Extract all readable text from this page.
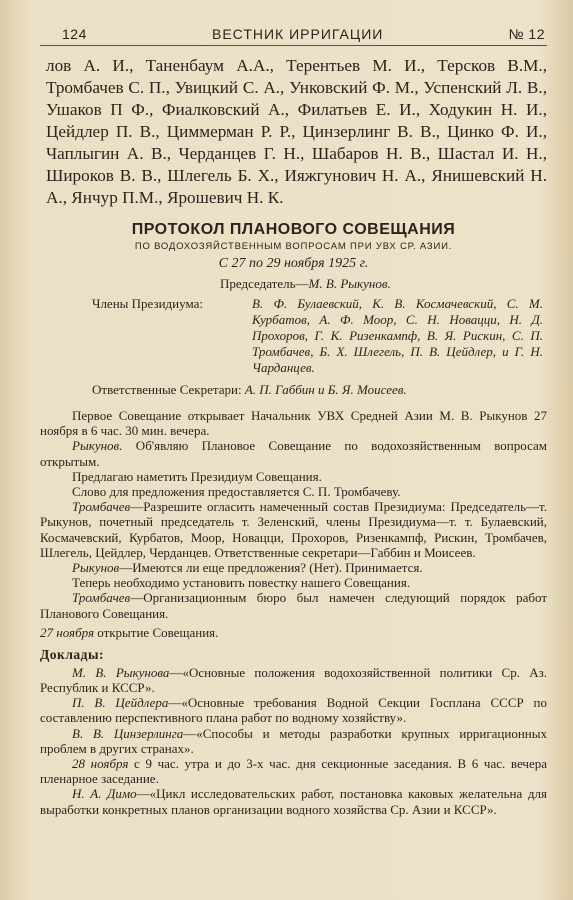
124	ВЕСТНИК ИРРИГАЦИИ	№ 12
лов А. И., Таненбаум А.А., Терентьев М. И., Терсков В.М., Тромбачев С. П., Увицкий С. А., Унковский Ф. М., Успенский Л. В., Ушаков П Ф., Фиалковский А., Филатьев Е. И., Ходукин Н. И., Цейдлер П. В., Циммерман Р. Р., Цинзерлинг В. В., Цинко Ф. И., Чаплыгин А. В., Черданцев Г. Н., Шабаров Н. В., Шастал И. Н., Широков В. В., Шлегель Б. Х., Ияжгунович Н. А., Янишевский Н. А., Янчур П.М., Ярошевич Н. К.
ПРОТОКОЛ ПЛАНОВОГО СОВЕЩАНИЯ
ПО ВОДОХОЗЯЙСТВЕННЫМ ВОПРОСАМ ПРИ УВХ СР. АЗИИ.
С 27 по 29 ноября 1925 г.
Председатель—М. В. Рыкунов.
Члены Президиума:	В. Ф. Булаевский, К. В. Космачевский, С. М. Курбатов, А. Ф. Моор, С. Н. Новацци, Н. Д. Прохоров, Г. К. Ризенкампф, В. Я. Рискин, С. П. Тромбачев, Б. Х. Шлегель, П. В. Цейдлер, и Г. Н. Чарданцев.
Ответственные Секретари: А. П. Габбин и Б. Я. Моисеев.

Первое Совещание открывает Начальник УВХ Средней Азии М. В. Рыкунов 27 ноября в 6 час. 30 мин. вечера.

Рыкунов. Об'являю Плановое Совещание по водохозяйственным вопросам открытым.

Предлагаю наметить Президиум Совещания.

Слово для предложения предоставляется С. П. Тромбачеву.

Тромбачев—Разрешите огласить намеченный состав Президиума: Председатель—т. Рыкунов, почетный председатель т. Зеленский, члены Президиума—т. т. Булаевский, Космачевский, Курбатов, Моор, Новацци, Прохоров, Ризенкампф, Рискин, Тромбачев, Шлегель, Цейдлер, Черданцев. Ответственные секретари—Габбин и Моисеев.

Рыкунов—Имеются ли еще предложения? (Нет). Принимается.

Теперь необходимо установить повестку нашего Совещания.

Тромбачев—Организационным бюро был намечен следующий порядок работ Планового Совещания.

27 ноября открытие Совещания.
Доклады:

М. В. Рыкунова—«Основные положения водохозяйственной политики Ср. Аз. Республик и КССР».

П. В. Цейдлера—«Основные требования Водной Секции Госплана СССР по составлению перспективного плана работ по водному хозяйству».

В. В. Цинзерлинга—«Способы и методы разработки крупных ирригационных проблем в других странах».

28 ноября с 9 час. утра и до 3-х час. дня секционные заседания. В 6 час. вечера пленарное заседание.

Н. А. Димо—«Цикл исследовательских работ, постановка каковых желательна для выработки конкретных планов организации водного хозяйства Ср. Азии и КССР».
